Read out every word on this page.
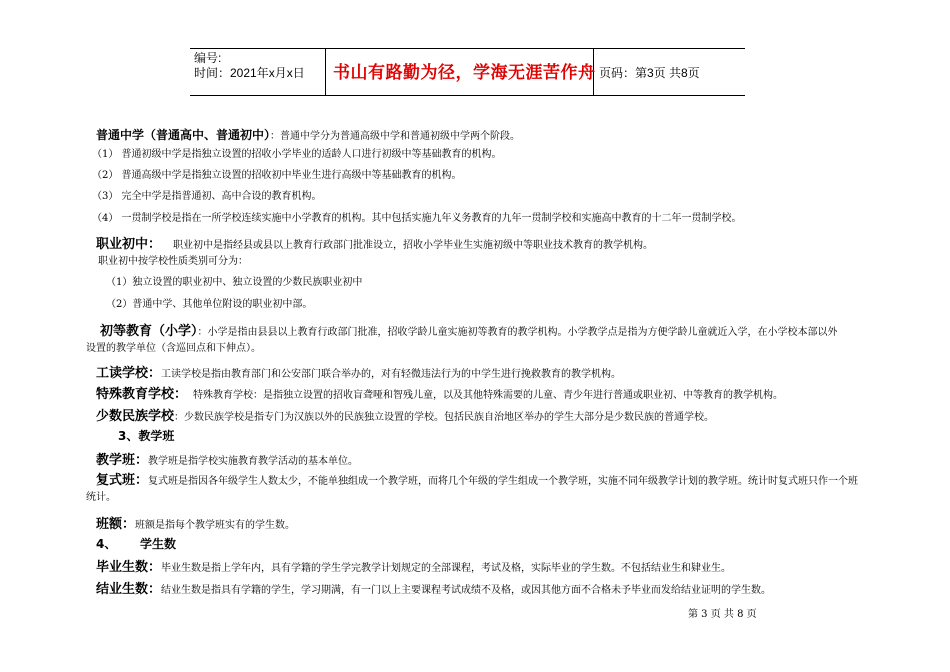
编号:
时间：2021年x月x日 书山有路勤为径，学海无涯苦作舟 页码：第3页 共8页
普通中学（普通高中、普通初中）：普通中学分为普通高级中学和普通初级中学两个阶段。
（1） 普通初级中学是指独立设置的招收小学毕业的适龄人口进行初级中等基础教育的机构。
（2） 普通高级中学是指独立设置的招收初中毕业生进行高级中等基础教育的机构。
（3） 完全中学是指普通初、高中合设的教育机构。
（4） 一贯制学校是指在一所学校连续实施中小学教育的机构。其中包括实施九年义务教育的九年一贯制学校和实施高中教育的十二年一贯制学校。
职业初中： 职业初中是指经县或县以上教育行政部门批准设立，招收小学毕业生实施初级中等职业技术教育的教学机构。
职业初中按学校性质类别可分为：
（1）独立设置的职业初中、独立设置的少数民族职业初中
（2）普通中学、其他单位附设的职业初中部。
初等教育（小学）：小学是指由县县以上教育行政部门批准，招收学龄儿童实施初等教育的教学机构。小学教学点是指为方便学龄儿童就近入学，在小学校本部以外
设置的教学单位（含巡回点和下伸点）。
工读学校：工读学校是指由教育部门和公安部门联合举办的，对有轻微违法行为的中学生进行挽救教育的教学机构。
特殊教育学校： 特殊教育学校：是指独立设置的招收盲聋哑和智残儿童，以及其他特殊需要的儿童、青少年进行普通或职业初、中等教育的教学机构。
少数民族学校：少数民族学校是指专门为汉族以外的民族独立设置的学校。包括民族自治地区举办的学生大部分是少数民族的普通学校。
3、教学班
教学班：教学班是指学校实施教育教学活动的基本单位。
复式班：复式班是指因各年级学生人数太少，不能单独组成一个教学班，而将几个年级的学生组成一个教学班，实施不同年级教学计划的教学班。统计时复式班只作一个班
统计。
班额：班额是指每个教学班实有的学生数。
4、 学生数
毕业生数：毕业生数是指上学年内，具有学籍的学生学完教学计划规定的全部课程，考试及格，实际毕业的学生数。不包括结业生和肄业生。
结业生数：结业生数是指具有学籍的学生，学习期满，有一门以上主要课程考试成绩不及格，或因其他方面不合格未予毕业而发给结业证明的学生数。
第 3 页 共 8 页
